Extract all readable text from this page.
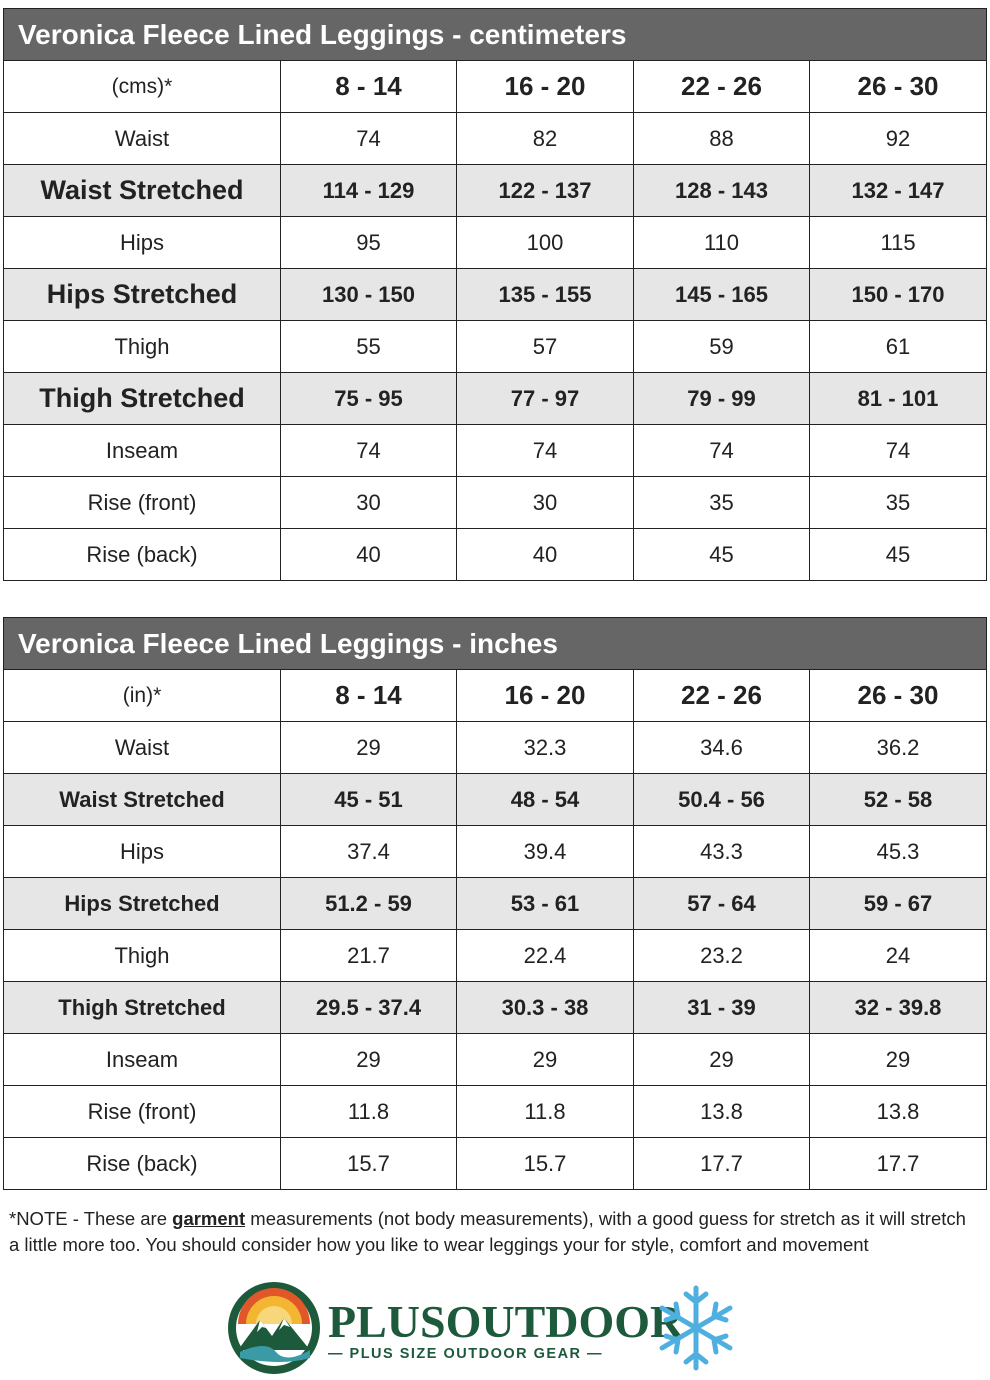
Veronica Fleece Lined Leggings - centimeters				
(cms)*	8 - 14	16 - 20	22 - 26	26 - 30
Waist	74	82	88	92
Waist Stretched	114 - 129	122 - 137	128 - 143	132 - 147
Hips	95	100	110	115
Hips Stretched	130 - 150	135 - 155	145 - 165	150 - 170
Thigh	55	57	59	61
Thigh Stretched	75 - 95	77 - 97	79 - 99	81 - 101
Inseam	74	74	74	74
Rise (front)	30	30	35	35
Rise (back)	40	40	45	45
Veronica Fleece Lined Leggings - inches				
(in)*	8 - 14	16 - 20	22 - 26	26 - 30
Waist	29	32.3	34.6	36.2
Waist Stretched	45 - 51	48 - 54	50.4 - 56	52 - 58
Hips	37.4	39.4	43.3	45.3
Hips Stretched	51.2 - 59	53 - 61	57 - 64	59 - 67
Thigh	21.7	22.4	23.2	24
Thigh Stretched	29.5 - 37.4	30.3 - 38	31 - 39	32 - 39.8
Inseam	29	29	29	29
Rise (front)	11.8	11.8	13.8	13.8
Rise (back)	15.7	15.7	17.7	17.7
*NOTE - These are garment measurements (not body measurements), with a good guess for stretch as it will stretch a little more too. You should consider how you like to wear leggings your for style, comfort and movement
PLUSOUTDOOR
— PLUS SIZE OUTDOOR GEAR —
